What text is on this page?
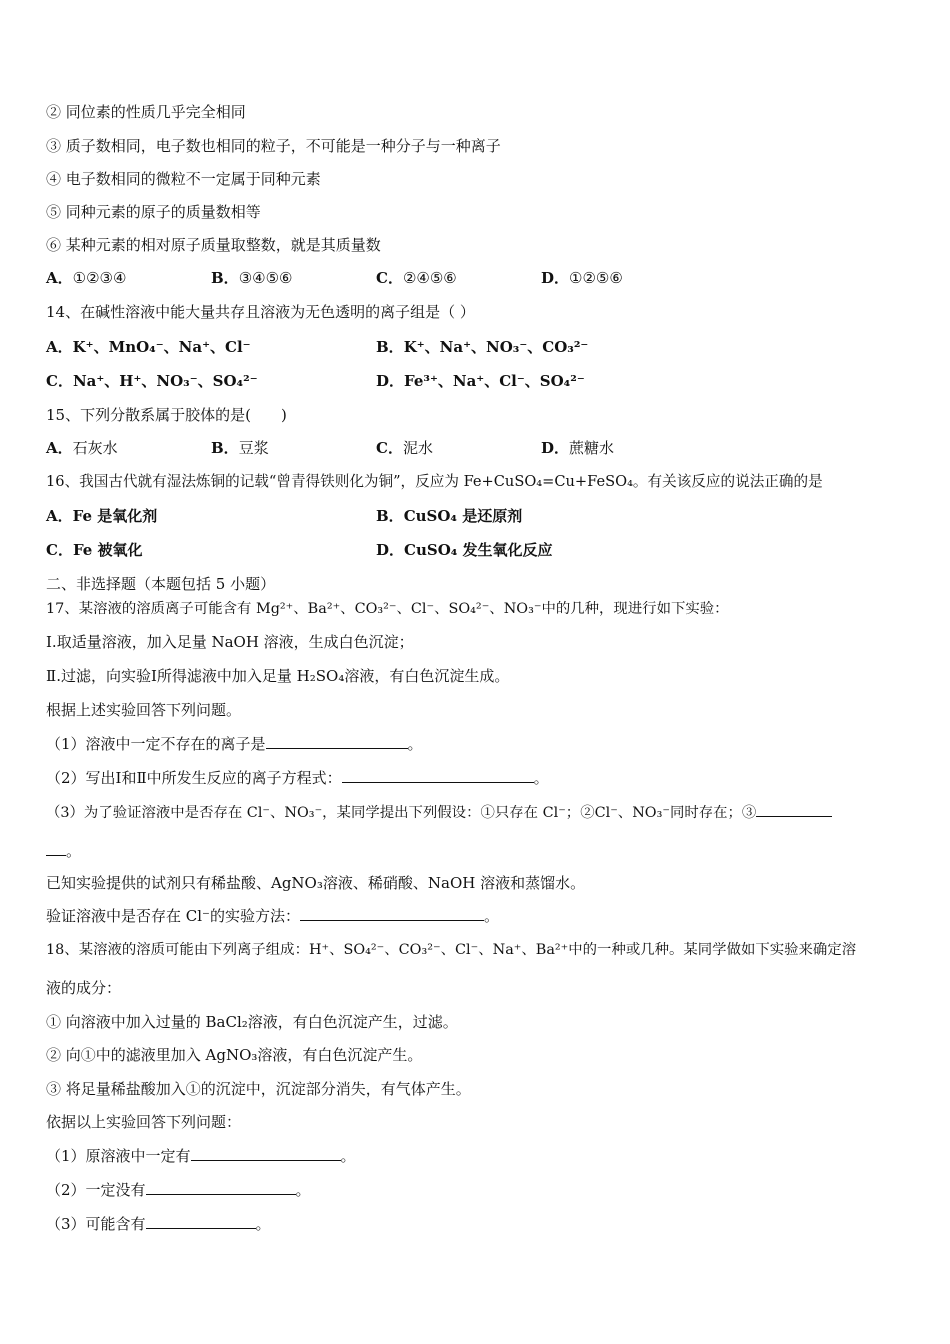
② 同位素的性质几乎完全相同
③ 质子数相同，电子数也相同的粒子，不可能是一种分子与一种离子
④ 电子数相同的微粒不一定属于同种元素
⑤ 同种元素的原子的质量数相等
⑥ 某种元素的相对原子质量取整数，就是其质量数
A．①②③④	B．③④⑤⑥	C．②④⑤⑥	D．①②⑤⑥
14、在碱性溶液中能大量共存且溶液为无色透明的离子组是（ ）
A．K⁺、MnO₄⁻、Na⁺、Cl⁻	B．K⁺、Na⁺、NO₃⁻、CO₃²⁻
C．Na⁺、H⁺、NO₃⁻、SO₄²⁻	D．Fe³⁺、Na⁺、Cl⁻、SO₄²⁻
15、下列分散系属于胶体的是(　　)
A．石灰水	B．豆浆	C．泥水	D．蔗糖水
16、我国古代就有湿法炼铜的记载“曾青得铁则化为铜”，反应为 Fe+CuSO₄=Cu+FeSO₄。有关该反应的说法正确的是
A．Fe 是氧化剂	B．CuSO₄ 是还原剂
C．Fe 被氧化	D．CuSO₄ 发生氧化反应
二、非选择题（本题包括 5 小题）
17、某溶液的溶质离子可能含有 Mg²⁺、Ba²⁺、CO₃²⁻、Cl⁻、SO₄²⁻、NO₃⁻中的几种，现进行如下实验：
Ⅰ.取适量溶液，加入足量 NaOH 溶液，生成白色沉淀；
Ⅱ.过滤，向实验Ⅰ所得滤液中加入足量 H₂SO₄溶液，有白色沉淀生成。
根据上述实验回答下列问题。
（1）溶液中一定不存在的离子是	。
（2）写出Ⅰ和Ⅱ中所发生反应的离子方程式：	。
（3）为了验证溶液中是否存在 Cl⁻、NO₃⁻，某同学提出下列假设：①只存在 Cl⁻；②Cl⁻、NO₃⁻同时存在；③
。
已知实验提供的试剂只有稀盐酸、AgNO₃溶液、稀硝酸、NaOH 溶液和蒸馏水。
验证溶液中是否存在 Cl⁻的实验方法：	。
18、某溶液的溶质可能由下列离子组成：H⁺、SO₄²⁻、CO₃²⁻、Cl⁻、Na⁺、Ba²⁺中的一种或几种。某同学做如下实验来确定溶
液的成分：
① 向溶液中加入过量的 BaCl₂溶液，有白色沉淀产生，过滤。
② 向①中的滤液里加入 AgNO₃溶液，有白色沉淀产生。
③ 将足量稀盐酸加入①的沉淀中，沉淀部分消失，有气体产生。
依据以上实验回答下列问题：
（1）原溶液中一定有	。
（2）一定没有	。
（3）可能含有	。
